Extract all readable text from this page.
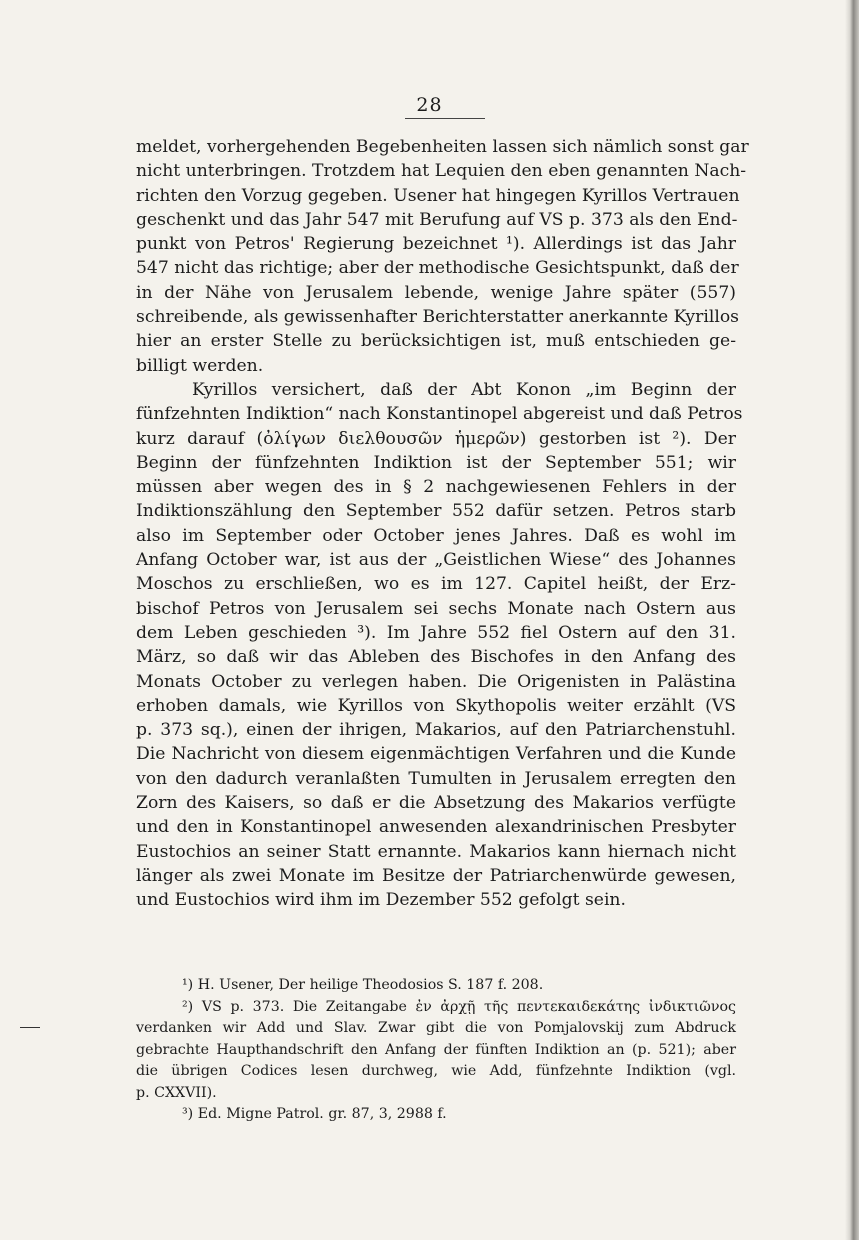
28
meldet, vorhergehenden Begebenheiten lassen sich nämlich sonst gar
nicht unterbringen. Trotzdem hat Lequien den eben genannten Nach-
richten den Vorzug gegeben. Usener hat hingegen Kyrillos Vertrauen
geschenkt und das Jahr 547 mit Berufung auf VS p. 373 als den End-
punkt von Petros' Regierung bezeichnet ¹). Allerdings ist das Jahr
547 nicht das richtige; aber der methodische Gesichtspunkt, daß der
in der Nähe von Jerusalem lebende, wenige Jahre später (557)
schreibende, als gewissenhafter Berichterstatter anerkannte Kyrillos
hier an erster Stelle zu berücksichtigen ist, muß entschieden ge-
billigt werden.
Kyrillos versichert, daß der Abt Konon „im Beginn der
fünfzehnten Indiktion“ nach Konstantinopel abgereist und daß Petros
kurz darauf (ὀλίγων διελθουσῶν ἡμερῶν) gestorben ist ²). Der
Beginn der fünfzehnten Indiktion ist der September 551; wir
müssen aber wegen des in § 2 nachgewiesenen Fehlers in der
Indiktionszählung den September 552 dafür setzen. Petros starb
also im September oder October jenes Jahres. Daß es wohl im
Anfang October war, ist aus der „Geistlichen Wiese“ des Johannes
Moschos zu erschließen, wo es im 127. Capitel heißt, der Erz-
bischof Petros von Jerusalem sei sechs Monate nach Ostern aus
dem Leben geschieden ³). Im Jahre 552 fiel Ostern auf den 31.
März, so daß wir das Ableben des Bischofes in den Anfang des
Monats October zu verlegen haben. Die Origenisten in Palästina
erhoben damals, wie Kyrillos von Skythopolis weiter erzählt (VS
p. 373 sq.), einen der ihrigen, Makarios, auf den Patriarchenstuhl.
Die Nachricht von diesem eigenmächtigen Verfahren und die Kunde
von den dadurch veranlaßten Tumulten in Jerusalem erregten den
Zorn des Kaisers, so daß er die Absetzung des Makarios verfügte
und den in Konstantinopel anwesenden alexandrinischen Presbyter
Eustochios an seiner Statt ernannte. Makarios kann hiernach nicht
länger als zwei Monate im Besitze der Patriarchenwürde gewesen,
und Eustochios wird ihm im Dezember 552 gefolgt sein.
¹) H. Usener, Der heilige Theodosios S. 187 f. 208.
²) VS p. 373. Die Zeitangabe ἐν ἀρχῇ τῆς πεντεκαιδεκάτης ἰνδικτιῶνος
verdanken wir Add und Slav. Zwar gibt die von Pomjalovskij zum Abdruck
gebrachte Haupthandschrift den Anfang der fünften Indiktion an (p. 521); aber
die übrigen Codices lesen durchweg, wie Add, fünfzehnte Indiktion (vgl.
p. CXXVII).
³) Ed. Migne Patrol. gr. 87, 3, 2988 f.
